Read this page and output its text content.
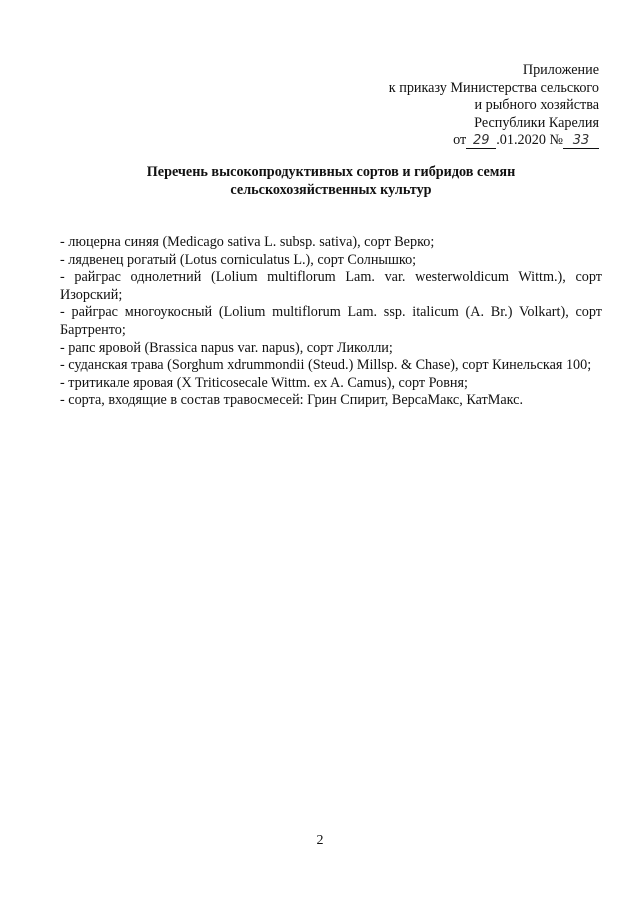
Приложение
к приказу Министерства сельского
и рыбного хозяйства
Республики Карелия
от 29 .01.2020 № 33
Перечень высокопродуктивных сортов и гибридов семян
сельскохозяйственных культур

- люцерна синяя (Medicago sativa L. subsp. sativa), сорт Верко;

- лядвенец рогатый (Lotus corniculatus L.), сорт Солнышко;

- райграс однолетний (Lolium multiflorum Lam. var. westerwoldicum Wittm.), сорт Изорский;

- райграс многоукосный (Lolium multiflorum Lam. ssp. italicum (A. Br.) Volkart), сорт Бартренто;

- рапс яровой (Brassica napus var. napus), сорт Ликолли;

- суданская трава (Sorghum xdrummondii (Steud.) Millsp. & Chase), сорт Кинельская 100;

- тритикале яровая (X Triticosecale Wittm. ex A. Camus), сорт Ровня;

- сорта, входящие в состав травосмесей: Грин Спирит, ВерсаМакс, КатМакс.

2
